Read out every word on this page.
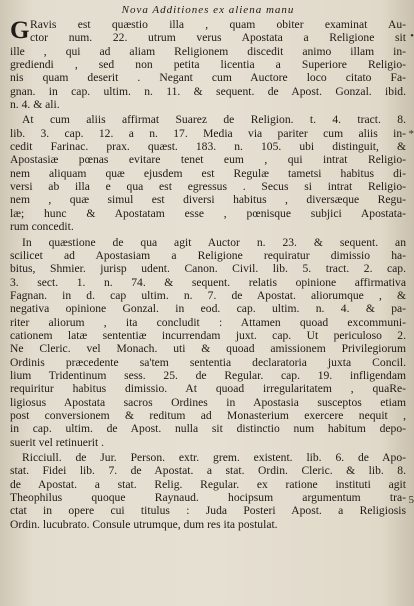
Nova Additiones ex aliena manu
G Ravis est quæstio illa , quam obiter examinat Au-
ctor num. 22. utrum verus Apostata a Religione sit
ille , qui ad aliam Religionem discedit animo illam in-
grediendi , sed non petita licentia a Superiore Religio-
nis quam deserit . Negant cum Auctore loco citato Fa-
gnan. in cap. ultim. n. 11. & sequent. de Apost. Gonzal. ibid.
n. 4. & ali.
At cum aliis affirmat Suarez de Religion. t. 4. tract. 8.
lib. 3. cap. 12. a n. 17. Media via pariter cum aliis in-
cedit Farinac. prax. quæst. 183. n. 105. ubi distinguit, &
Apostasiæ pœnas evitare tenet eum , qui intrat Religio-
nem aliquam quæ ejusdem est Regulæ tametsi habitus di-
versi ab illa e qua est egressus . Secus si intrat Religio-
nem , quæ simul est diversi habitus , diversæque Regu-
læ; hunc & Apostatam esse , pœnisque subjici Apostata-
rum concedit.
In quæstione de qua agit Auctor n. 23. & sequent. an
scilicet ad Apostasiam a Religione requiratur dimissio ha-
bitus, Shmier. jurisp udent. Canon. Civil. lib. 5. tract. 2. cap.
3. sect. 1. n. 74. & sequent. relatis opinione affirmativa
Fagnan. in d. cap ultim. n. 7. de Apostat. aliorumque , &
negativa opinione Gonzal. in eod. cap. ultim. n. 4. & pa-
riter aliorum , ita concludit : Attamen quoad excommuni-
cationem latæ sententiæ incurrendam juxt. cap. Ut periculoso 2.
Ne Cleric. vel Monach. uti & quoad amissionem Privilegiorum
Ordinis præcedente sa'tem sententia declaratoria juxta Concil.
lium Tridentinum sess. 25. de Regular. cap. 19. infligendam
requiritur habitus dimissio. At quoad irregularitatem , quaRe-
ligiosus Apostata sacros Ordines in Apostasia susceptos etiam
post conversionem & reditum ad Monasterium exercere nequit ,
in cap. ultim. de Apost. nulla sit distinctio num habitum depo-
suerit vel retinuerit .
Ricciull. de Jur. Person. extr. grem. existent. lib. 6. de Apo-
stat. Fidei lib. 7. de Apostat. a stat. Ordin. Cleric. & lib. 8.
de Apostat. a stat. Relig. Regular. ex ratione instituti agit
Theophilus quoque Raynaud. hocipsum argumentum tra-
ctat in opere cui titulus : Juda Posteri Apost. a Religiosis
Ordin. lucubrato. Consule utrumque, dum res ita postulat.
•
*
5
